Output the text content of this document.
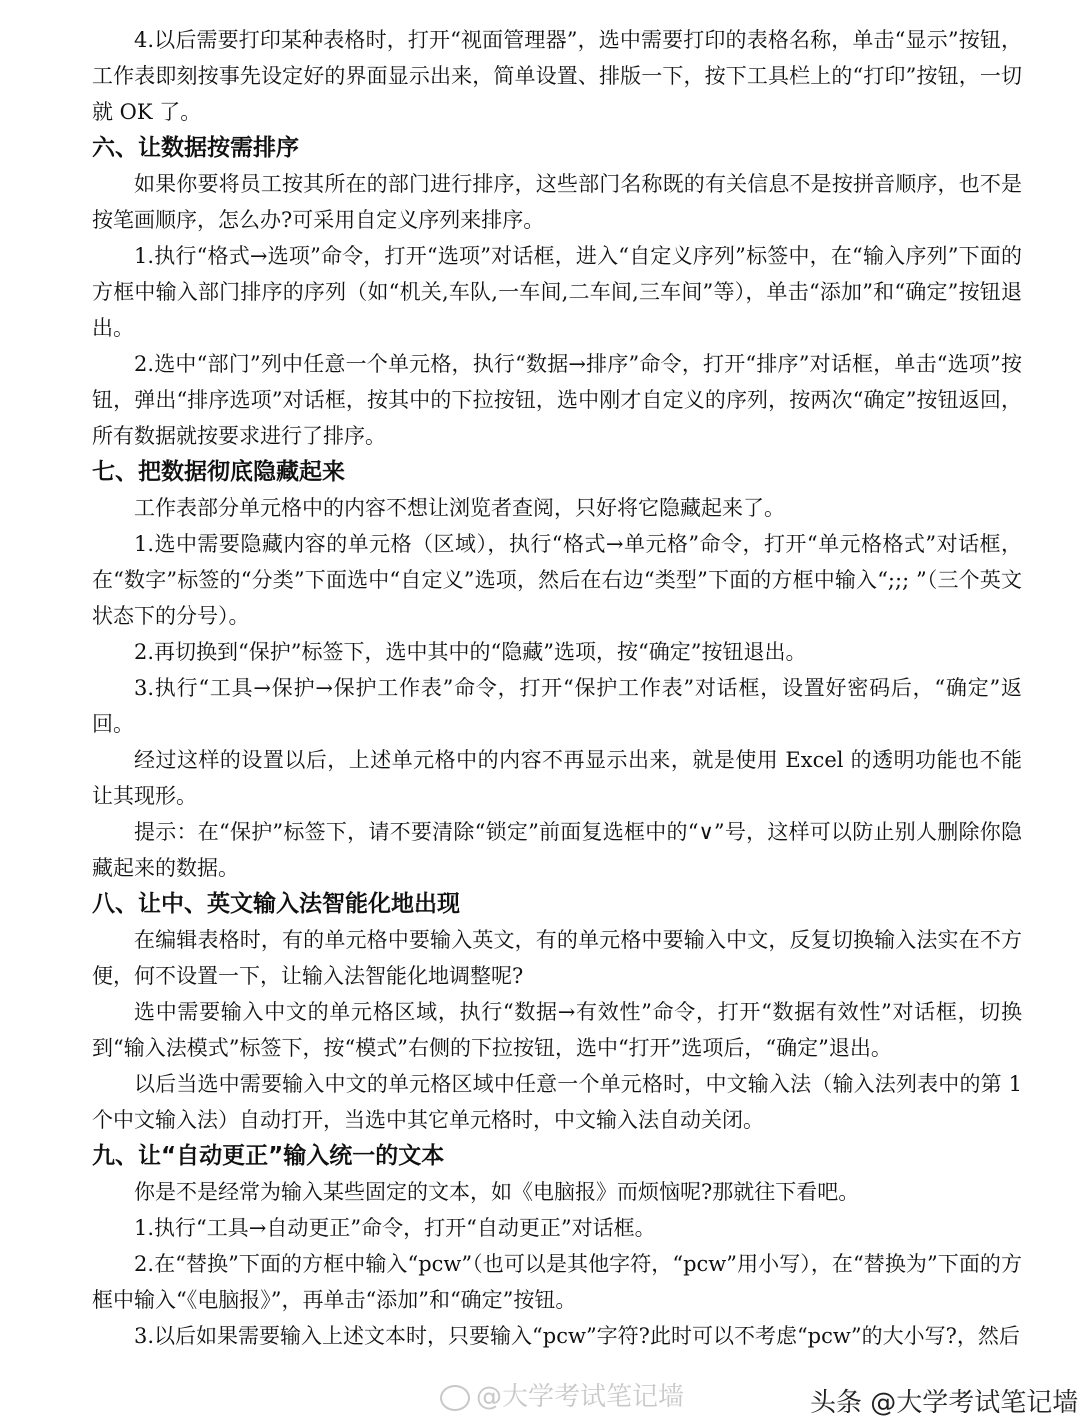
4.以后需要打印某种表格时，打开“视面管理器”，选中需要打印的表格名称，单击“显示”按钮，工作表即刻按事先设定好的界面显示出来，简单设置、排版一下，按下工具栏上的“打印”按钮，一切就 OK 了。

六、让数据按需排序

如果你要将员工按其所在的部门进行排序，这些部门名称既的有关信息不是按拼音顺序，也不是按笔画顺序，怎么办?可采用自定义序列来排序。

1.执行“格式→选项”命令，打开“选项”对话框，进入“自定义序列”标签中，在“输入序列”下面的方框中输入部门排序的序列（如“机关,车队,一车间,二车间,三车间”等），单击“添加”和“确定”按钮退出。

2.选中“部门”列中任意一个单元格，执行“数据→排序”命令，打开“排序”对话框，单击“选项”按钮，弹出“排序选项”对话框，按其中的下拉按钮，选中刚才自定义的序列，按两次“确定”按钮返回，所有数据就按要求进行了排序。

七、把数据彻底隐藏起来

工作表部分单元格中的内容不想让浏览者查阅，只好将它隐藏起来了。

1.选中需要隐藏内容的单元格（区域），执行“格式→单元格”命令，打开“单元格格式”对话框，在“数字”标签的“分类”下面选中“自定义”选项，然后在右边“类型”下面的方框中输入“;;; ”（三个英文状态下的分号）。

2.再切换到“保护”标签下，选中其中的“隐藏”选项，按“确定”按钮退出。

3.执行“工具→保护→保护工作表”命令，打开“保护工作表”对话框，设置好密码后，“确定”返回。

经过这样的设置以后，上述单元格中的内容不再显示出来，就是使用 Excel 的透明功能也不能让其现形。

提示：在“保护”标签下，请不要清除“锁定”前面复选框中的“∨”号，这样可以防止别人删除你隐藏起来的数据。

八、让中、英文输入法智能化地出现

在编辑表格时，有的单元格中要输入英文，有的单元格中要输入中文，反复切换输入法实在不方便，何不设置一下，让输入法智能化地调整呢?

选中需要输入中文的单元格区域，执行“数据→有效性”命令，打开“数据有效性”对话框，切换到“输入法模式”标签下，按“模式”右侧的下拉按钮，选中“打开”选项后，“确定”退出。

以后当选中需要输入中文的单元格区域中任意一个单元格时，中文输入法（输入法列表中的第 1 个中文输入法）自动打开，当选中其它单元格时，中文输入法自动关闭。

九、让“自动更正”输入统一的文本

你是不是经常为输入某些固定的文本，如《电脑报》而烦恼呢?那就往下看吧。

1.执行“工具→自动更正”命令，打开“自动更正”对话框。

2.在“替换”下面的方框中输入“pcw”（也可以是其他字符，“pcw”用小写），在“替换为”下面的方框中输入“《电脑报》”，再单击“添加”和“确定”按钮。

3.以后如果需要输入上述文本时，只要输入“pcw”字符?此时可以不考虑“pcw”的大小写?，然后

@大学考试笔记墙	头条 @大学考试笔记墙
